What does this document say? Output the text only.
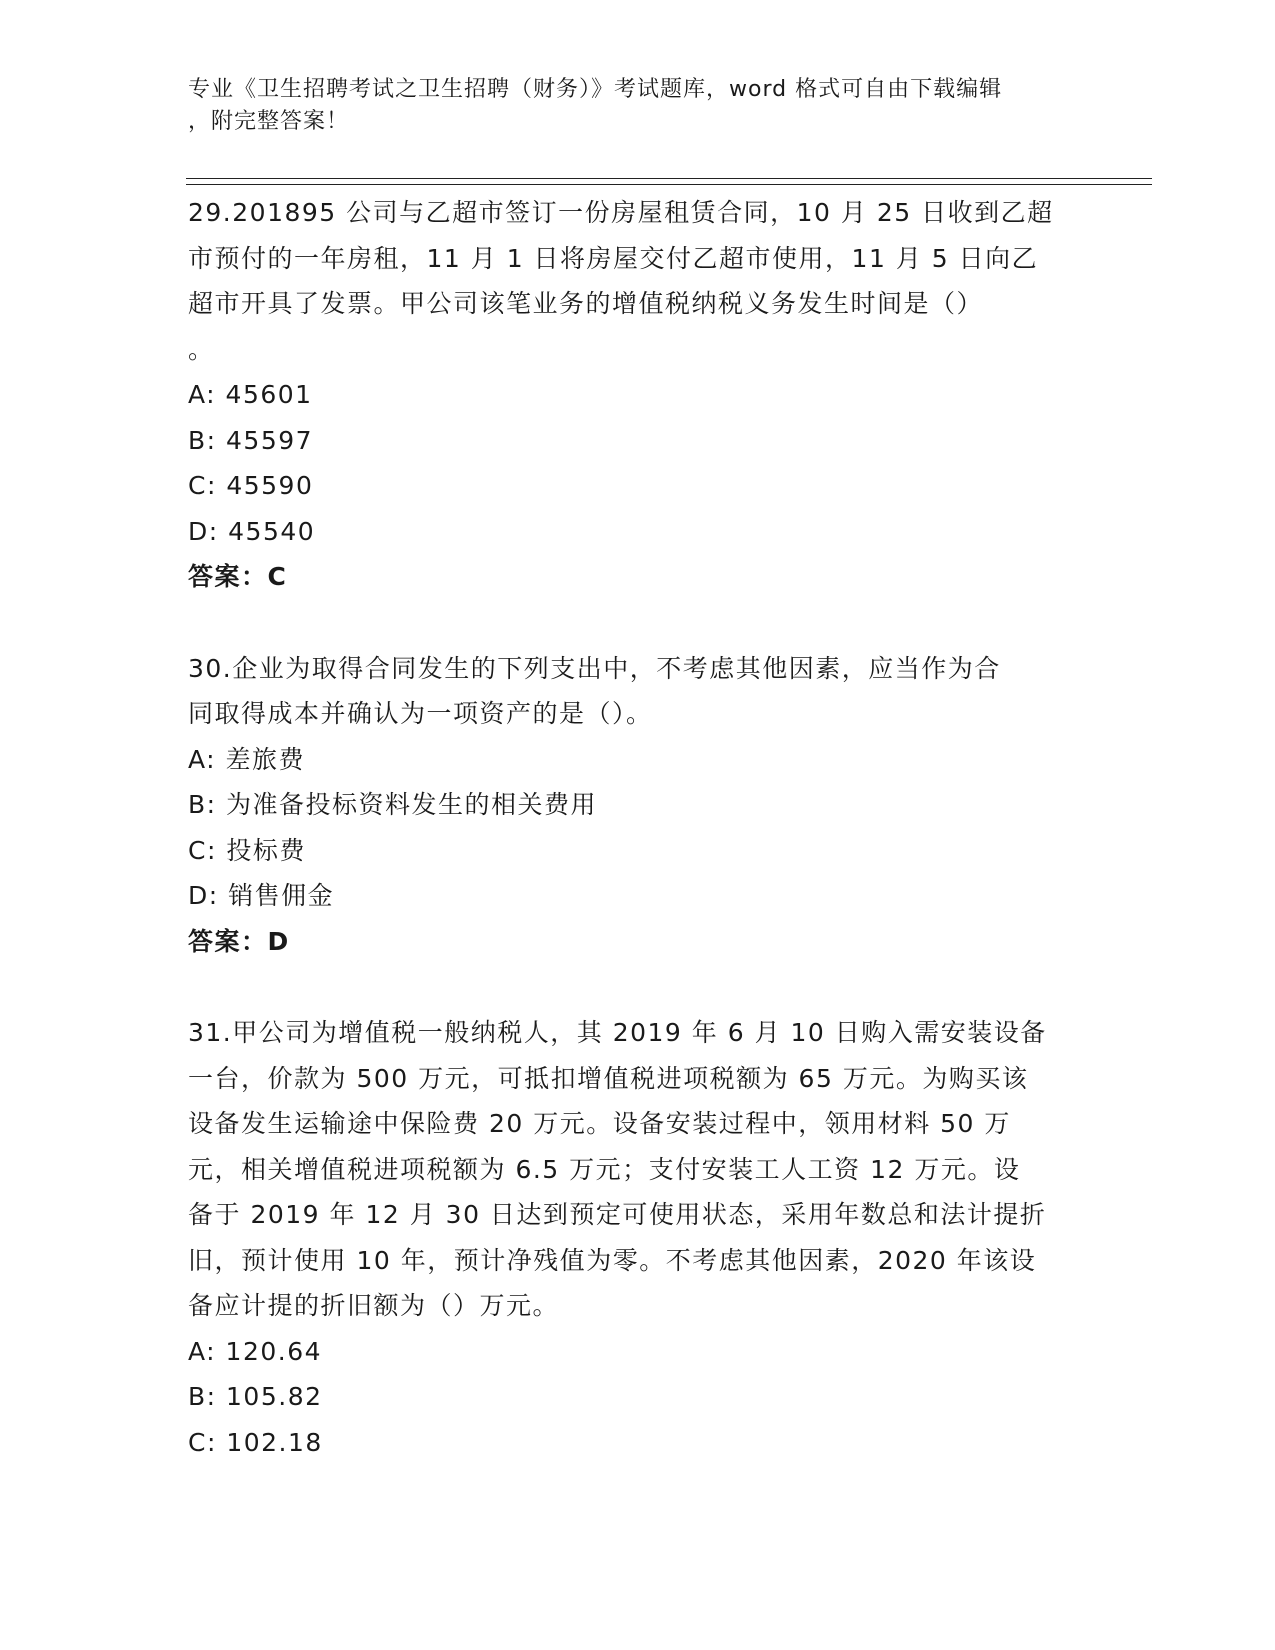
专业《卫生招聘考试之卫生招聘（财务）》考试题库，word 格式可自由下载编辑
，附完整答案！
29.201895 公司与乙超市签订一份房屋租赁合同，10 月 25 日收到乙超
市预付的一年房租，11 月 1 日将房屋交付乙超市使用，11 月 5 日向乙
超市开具了发票。甲公司该笔业务的增值税纳税义务发生时间是（）
。
A: 45601
B: 45597
C: 45590
D: 45540
答案：C
30.企业为取得合同发生的下列支出中，不考虑其他因素，应当作为合
同取得成本并确认为一项资产的是（）。
A: 差旅费
B: 为准备投标资料发生的相关费用
C: 投标费
D: 销售佣金
答案：D
31.甲公司为增值税一般纳税人，其 2019 年 6 月 10 日购入需安装设备
一台，价款为 500 万元，可抵扣增值税进项税额为 65 万元。为购买该
设备发生运输途中保险费 20 万元。设备安装过程中，领用材料 50 万
元，相关增值税进项税额为 6.5 万元；支付安装工人工资 12 万元。设
备于 2019 年 12 月 30 日达到预定可使用状态，采用年数总和法计提折
旧，预计使用 10 年，预计净残值为零。不考虑其他因素，2020 年该设
备应计提的折旧额为（）万元。
A: 120.64
B: 105.82
C: 102.18
